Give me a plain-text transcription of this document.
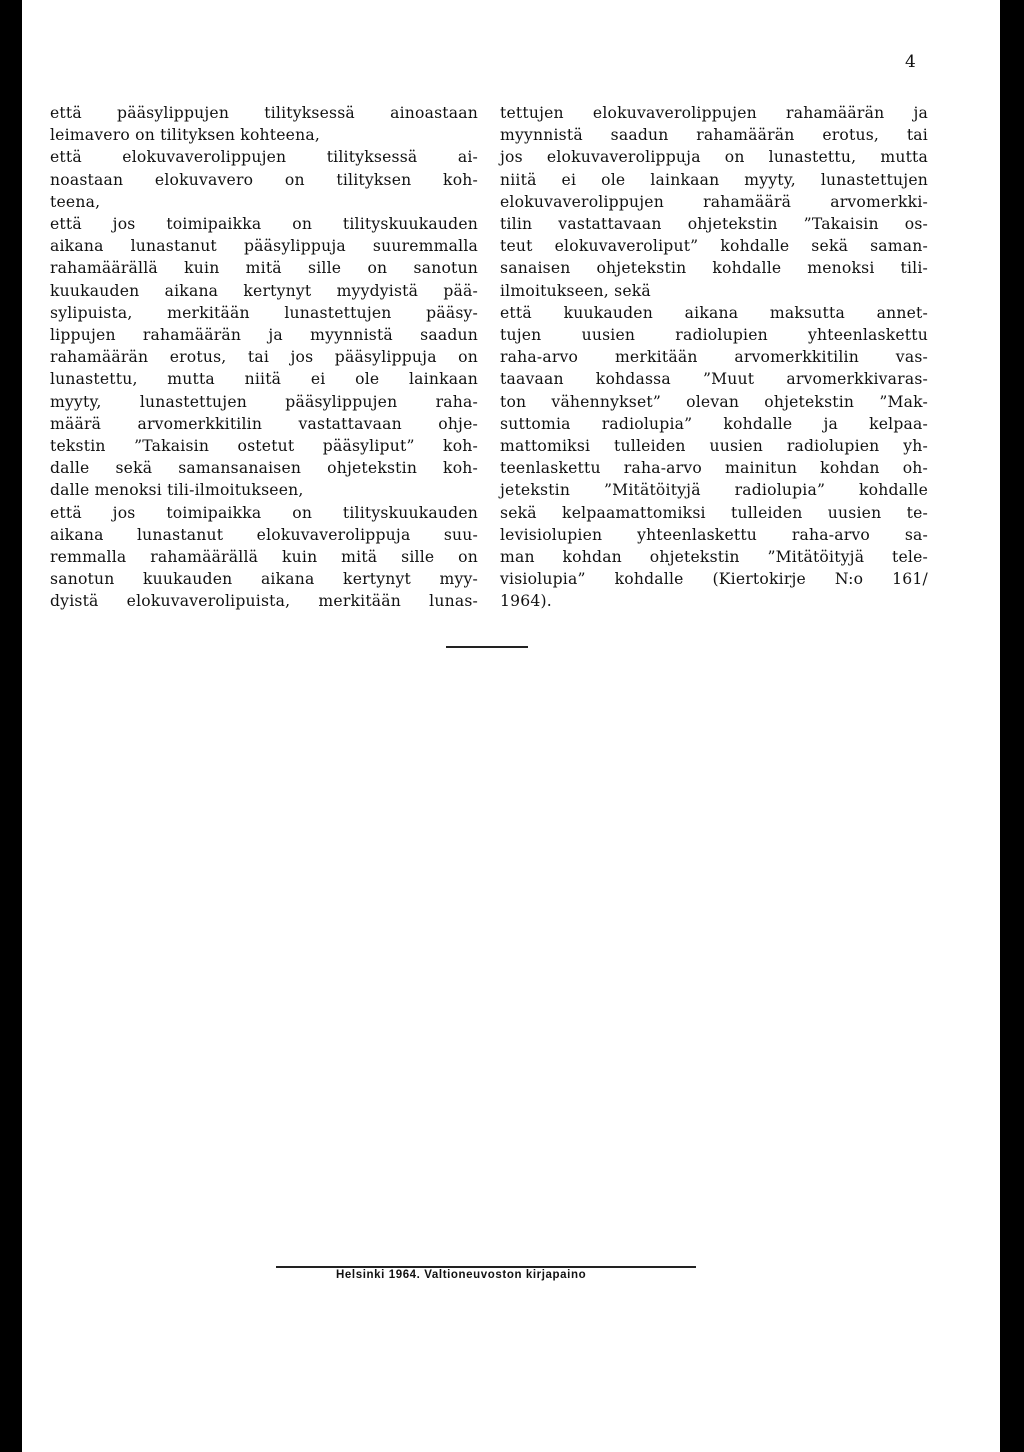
4
että pääsylippujen tilityksessä ainoastaan
leimavero on tilityksen kohteena,
että elokuvaverolippujen tilityksessä ai-
noastaan elokuvavero on tilityksen koh-
teena,
että jos toimipaikka on tilityskuukauden
aikana lunastanut pääsylippuja suuremmalla
rahamäärällä kuin mitä sille on sanotun
kuukauden aikana kertynyt myydyistä pää-
sylipuista, merkitään lunastettujen pääsy-
lippujen rahamäärän ja myynnistä saadun
rahamäärän erotus, tai jos pääsylippuja on
lunastettu, mutta niitä ei ole lainkaan
myyty, lunastettujen pääsylippujen raha-
määrä arvomerkkitilin vastattavaan ohje-
tekstin ”Takaisin ostetut pääsyliput” koh-
dalle sekä samansanaisen ohjetekstin koh-
dalle menoksi tili-ilmoitukseen,
että jos toimipaikka on tilityskuukauden
aikana lunastanut elokuvaverolippuja suu-
remmalla rahamäärällä kuin mitä sille on
sanotun kuukauden aikana kertynyt myy-
dyistä elokuvaverolipuista, merkitään lunas-
tettujen elokuvaverolippujen rahamäärän ja
myynnistä saadun rahamäärän erotus, tai
jos elokuvaverolippuja on lunastettu, mutta
niitä ei ole lainkaan myyty, lunastettujen
elokuvaverolippujen rahamäärä arvomerkki-
tilin vastattavaan ohjetekstin ”Takaisin os-
teut elokuvaveroliput” kohdalle sekä saman-
sanaisen ohjetekstin kohdalle menoksi tili-
ilmoitukseen, sekä
että kuukauden aikana maksutta annet-
tujen uusien radiolupien yhteenlaskettu
raha-arvo merkitään arvomerkkitilin vas-
taavaan kohdassa ”Muut arvomerkkivaras-
ton vähennykset” olevan ohjetekstin ”Mak-
suttomia radiolupia” kohdalle ja kelpaa-
mattomiksi tulleiden uusien radiolupien yh-
teenlaskettu raha-arvo mainitun kohdan oh-
jetekstin ”Mitätöityjä radiolupia” kohdalle
sekä kelpaamattomiksi tulleiden uusien te-
levisiolupien yhteenlaskettu raha-arvo sa-
man kohdan ohjetekstin ”Mitätöityjä tele-
visiolupia” kohdalle (Kiertokirje N:o 161/
1964).
Helsinki 1964. Valtioneuvoston kirjapaino
